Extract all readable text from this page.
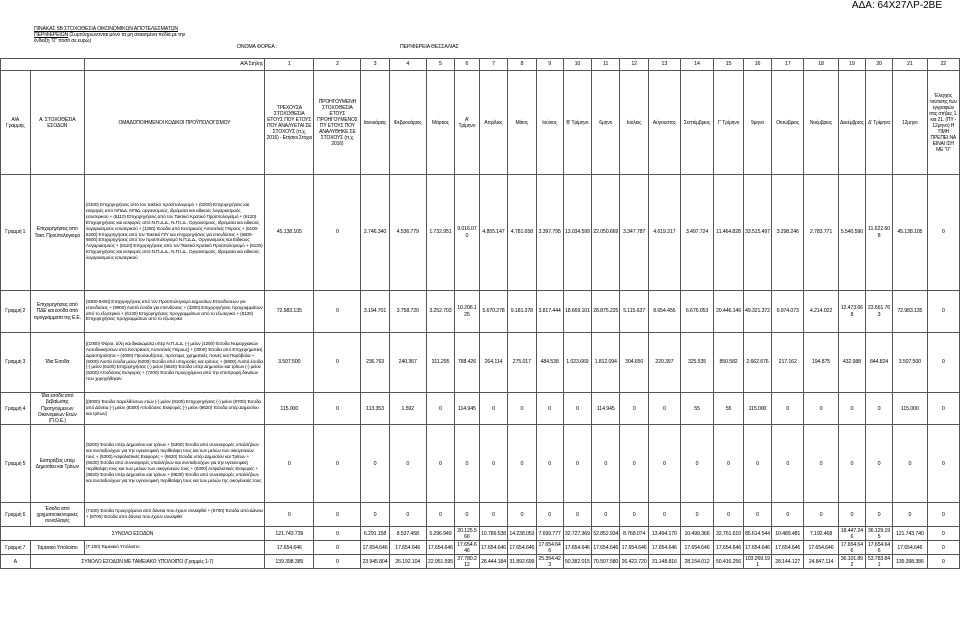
ΑΔΑ: 64Χ27ΛΡ-2ΒΕ
ΠΙΝΑΚΑΣ 5Β ΣΤΟΧΟΘΕΣΙΑ ΟΙΚΟΝΟΜΙΚΩΝ ΑΠΟΤΕΛΕΣΜΑΤΩΝ
ΠΕΡΙΦΕΡΕΙΩΝ (Συμπληρώνονται μόνο τα μη σκιασμένα πεδία με την
ένδειξη "0" ποσό σε ευρώ)
ΟΝΟΜΑ ΦΟΡΕΑ :	ΠΕΡΙΦΕΡΕΙΑ ΘΕΣΣΑΛΙΑΣ
		Α/Α Στήλης	1	2	3	4	5	6	7	8	9	10	11	12	13	14	15	16	17	18	19	20	21	22
Α/Α Γραμμής	Α. ΣΤΟΧΟΘΕΣΙΑ ΕΣΟΔΩΝ	ΟΜΑΔΟΠΟΙΗΜΕΝΟΙ ΚΩΔΙΚΟΙ ΠΡΟΫΠΟΛΟΓΙΣΜΟΥ	ΤΡΕΧΟΥΣΑ ΣΤΟΧΟΘΕΣΙΑ ΕΤΟΥΣ ΠΟΥ ΕΤΟΥΣ ΠΟΥ ΑΝΑΛΥΕΤΑΙ ΣΕ ΣΤΟΧΟΥΣ (π.χ. 2016) - Ετήσιοι Στόχοι	ΠΡΟΗΓΟΥΜΕΝΗ ΣΤΟΧΟΘΕΣΙΑ ΕΤΟΥΣ ΠΡΟΗΓΟΥΜΕΝΟΣ ΠΥ ΕΤΟΥΣ ΠΟΥ ΑΝΑΛΥΘΗΚΕ ΣΕ ΣΤΟΧΟΥΣ (π.χ. 2016)	Ιανουάριος	Φεβρουάριος	Μάρτιος	Α' Τρίμηνο	Απρίλιος	Μάιος	Ιούνιος	Β' Τρίμηνο	6μηνο	Ιούλιος	Αύγουστος	Σεπτέμβριος	Γ' Τρίμηνο	9μηνο	Οκτώβριος	Νοέμβριος	Δεκέμβριος	Δ' Τρίμηνο	12μηνο	Έλεγχος ταύτισης των εγγραφών στις στήλες 1. και 21. (ΠΥ - 12μηνο) Η ΤΙΜΗ ΠΡΕΠΕΙ ΝΑ ΕΙΝΑΙ ΙΣΗ ΜΕ "0"
Γραμμή 1	Επιχορηγήσεις από Τακτ. Προϋπολογισμό	(0100) Επιχορηγήσεις από τον τακτικό προϋπολογισμό + (0200) Επιχορηγήσεις και εισφορές από ΝΠΔΔ, ΝΠΙΔ, οργανισμούς, ιδρύματα και ειδικούς λογαριασμούς εσωτερικού + (6110) Επιχορηγήσεις από τον Τακτικό Κρατικό Προϋπολογισμό + (6120) Επιχορηγήσεις και εισφορές από Ν.Π.Δ.Δ., Ν.Π.Ι.Δ., Οργανισμούς, Ιδρύματα και ειδικούς λογαριασμούς εσωτερικού + (1250) Έσοδα από Κεντρικούς Αυτοτελείς Πόρους + (6100-6200) Επιχορηγήσεις από τον Τακτικό Π/Υ και επιχορηγήσεις για επενδύσεις + (6500-6600) Επιχορηγήσεις από τον προϋπολογισμό Ν.Π.Δ.Δ., Οργανισμούς και Ειδικούς Λογαριασμούς + (8110) Επιχορηγήσεις από τον Τακτικό Κρατικό Προϋπολογισμό + (8120) Επιχορηγήσεις και εισφορές από Ν.Π.Δ.Δ., Ν.Π.Ι.Δ., Οργανισμούς, Ιδρύματα και ειδικούς λογαριασμούς εσωτερικού	45.138.105	0	2.746.340	4.536.779	1.732.951	9.016.070	4.855.147	4.781.658	3.397.795	13.034.599	22.050.669	3.347.787	4.619.317	3.497.724	11.464.828	33.515.497	3.298.246	2.783.771	5.540.590	11.622.608	45.138.105	0
Γραμμή 2	Επιχορηγήσεις από ΠΔΕ και έσοδα από προγράμματα της Ε.Ε.	(9300-9400) Επιχορηγήσεις από τον Προϋπολογισμό Δημοσίων Επενδύσεων για επενδύσεις + (9900) Λοιπά έσοδα για επενδύσεις + (3300) Επιχορηγήσεις προγραμμάτων από το εξωτερικό + (6130) Επιχορηγήσεις προγραμμάτων από το εξωτερικό + (8130) Επιχορηγήσεις προγραμμάτων από το εξωτερικό	72.983.135	0	3.194.701	3.758.720	3.252.703	10.206.125	5.670.278	9.181.378	3.817.444	18.669.101	28.875.225	5.115.637	8.654.456	6.676.053	20.446.146	49.321.372	6.974.073	4.214.022	12.473.668	23.661.763	72.983.135	0
Γραμμή 3	Ίδια Έσοδα	[(1000) Φόροι, τέλη και δικαιώματα υπέρ Ν.Π.Δ.Δ. (-) μείον (1250) Έσοδα Νομαρχιακών Αυτοδιοικήσεων από Κεντρικούς Αυτοτελείς Πόρους] + (3000) Έσοδα από Επιχειρηματική Δραστηριότητα + (4000) Προσαυξήσεις, πρόστιμα, χρηματικές ποινές και Παράβολα + (5000) Λοιπά έσοδα μείον (5200) Έσοδα από υπηρεσίες και τρίτους + (6800) Λοιπά έσοδα (-) μείον (6100) Επιχορηγήσεις (-) μείον (6620) Έσοδα υπέρ Δημοσίου και τρίτων (-) μείον (6300) Αποδόσεις Εισφορές + (7200) Έσοδα προερχόμενα από την επιστροφή δανείων που χορηγήθηκαν	3.507.500	0	236.763	240.367	311.295	788.426	264.114	275.017	484.538	1.023.669	1.812.094	304.650	220.397	325.535	850.582	2.662.676	217.162	194.875	432.988	844.824	3.507.500	0
Γραμμή 4	Ίδια έσοδα από βεβαίωσης Προηγούμενων Οικονομικών Ετών (Π.Ο.Ε.)	[(8000) Έσοδα παρελθόντων ετών (-) μείον (8100) Επιχορηγήσεις (-) μείον (8700) Έσοδα από Δάνεια (-) μείον (8300) Αποδόσεις Εισφορές (-) μείον (8620) Έσοδα υπέρ Δημοσίου και τρίτων]	115.000	0	113.353	1.592	0	114.945	0	0	0	0	114.945	0	0	55	55	115.000	0	0	0	0	115.000	0
Γραμμή 5	Εισπράξεις υπέρ Δημοσίου και Τρίτων	(5200) Έσοδα υπέρ Δημοσίου και τρίτων + (5300) Έσοδα από συνεισφορές υπαλλήλων και συνταξιούχων για την υγειονομική περίθαλψη τους και των μελών των οικογενειών τους + (5300) Ασφαλιστικές Εισφορές + (6620) Έσοδα υπέρ Δημοσίου και Τρίτων + (6630) Έσοδα από συνεισφορές υπαλλήλων και συνταξιούχων για την υγειονομική περίθαλψη τους και των μελών των οικογενειών τους + (6300) Ασφαλιστικές Εισφορές + (8620) Έσοδα υπέρ Δημοσίου και τρίτων + (8630) Έσοδα από συνεισφορές υπαλλήλων και συνταξιούχων για την υγειονομική περίθαλψη τους και των μελών της οικογένειάς τους	0	0	0	0	0	0	0	0	0	0	0	0	0	0	0	0	0	0	0	0	0	0
Γραμμή 6	Έσοδα από χρηματοοικονομικές συναλλαγές	(7100) Έσοδα προερχόμενα από δάνεια που έχουν συναφθεί + (6700) Έσοδα από Δάνεια + (8700) Έσοδα από δάνεια που έχουν συναφθεί	0	0	0	0	0	0	0	0	0	0	0	0	0	0	0	0	0	0	0	0	0	0
ΣΥΝΟΛΟ ΕΣΟΔΩΝ			121.743.739	0	6.291.158	8.537.458	5.296.949	20.125.566	10.789.538	14.238.053	7.699.777	32.727.369	52.852.934	8.768.074	13.494.170	10.499.366	32.761.610	85.614.544	10.489.481	7.192.468	18.447.246	36.129.195	121.743.740	0
Γραμμή 7	Ταμειακό Υπόλοιπο	(Τ 100) Ταμειακό Υπόλοιπο	17.654.646	0	17.654.646	17.654.646	17.654.646	17.654.646	17.654.646	17.654.646	17.654.646	17.654.646	17.654.646	17.654.646	17.654.646	17.654.646	17.654.646	17.654.646	17.654.646	17.654.646	17.654.646	17.654.646	17.654.646	0
Α	ΣΥΝΟΛΟ ΕΣΟΔΩΝ ΜΕ ΤΑΜΕΙΑΚΟ ΥΠΟΛΟΙΠΟ (Γραμμές 1-7)		139.398.385	0	23.945.804	26.192.104	22.951.595	37.780.212	28.444.184	31.892.699	25.354.423	50.382.015	70.507.580	26.422.720	31.148.816	28.154.012	50.416.256	103.269.191	28.144.127	24.847.114	36.101.892	53.783.841	139.398.386	0
